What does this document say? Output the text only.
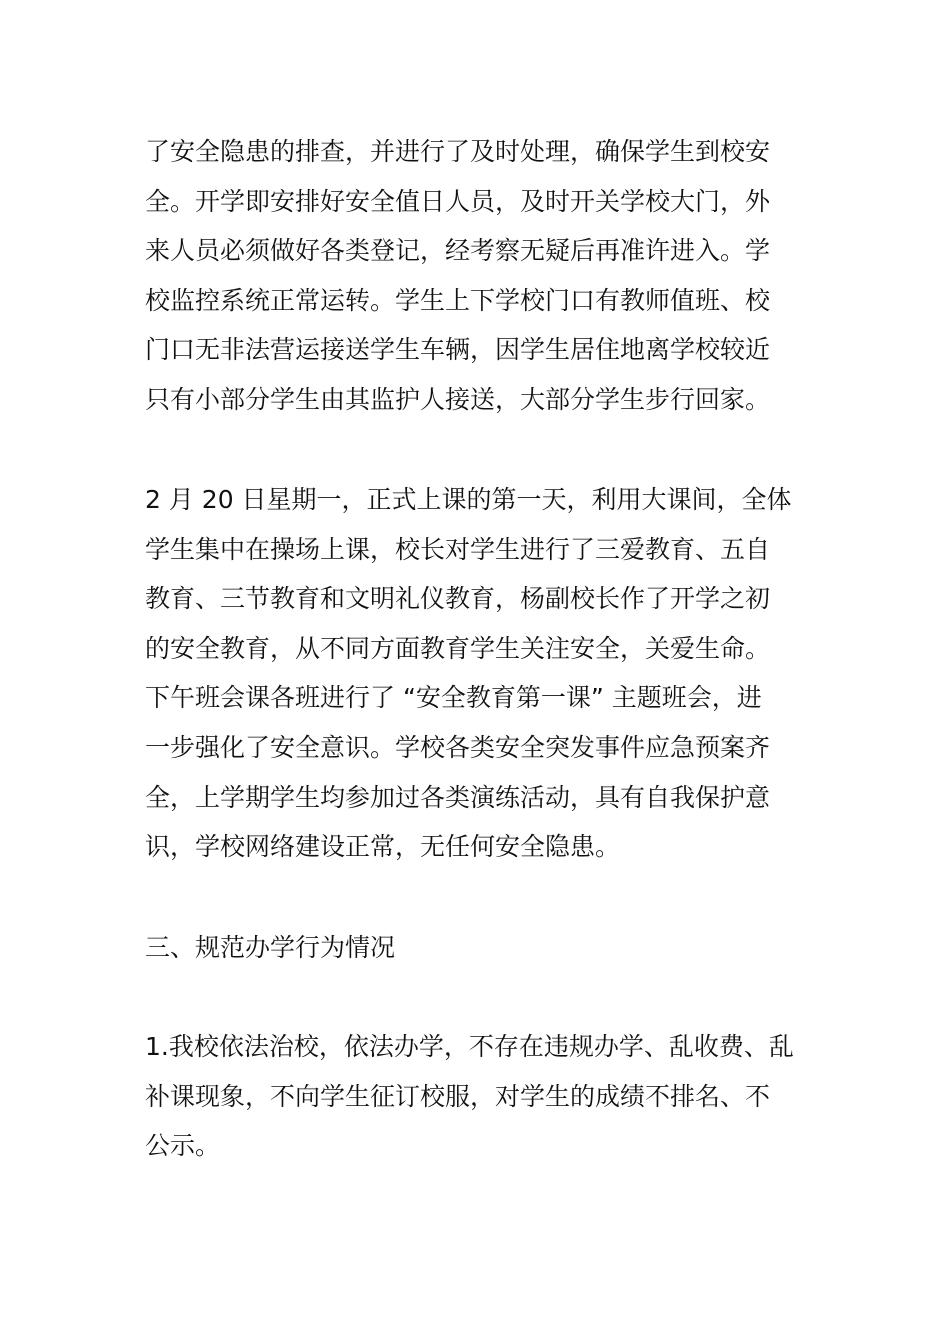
了安全隐患的排查，并进行了及时处理，确保学生到校安
全。开学即安排好安全值日人员，及时开关学校大门，外
来人员必须做好各类登记，经考察无疑后再准许进入。学
校监控系统正常运转。学生上下学校门口有教师值班、校
门口无非法营运接送学生车辆，因学生居住地离学校较近
只有小部分学生由其监护人接送，大部分学生步行回家。

2 月 20 日星期一，正式上课的第一天，利用大课间，全体
学生集中在操场上课，校长对学生进行了三爱教育、五自
教育、三节教育和文明礼仪教育，杨副校长作了开学之初
的安全教育，从不同方面教育学生关注安全，关爱生命。
下午班会课各班进行了 “安全教育第一课” 主题班会，进
一步强化了安全意识。学校各类安全突发事件应急预案齐
全，上学期学生均参加过各类演练活动，具有自我保护意
识，学校网络建设正常，无任何安全隐患。

三、规范办学行为情况

1.我校依法治校，依法办学，不存在违规办学、乱收费、乱
补课现象，不向学生征订校服，对学生的成绩不排名、不
公示。
